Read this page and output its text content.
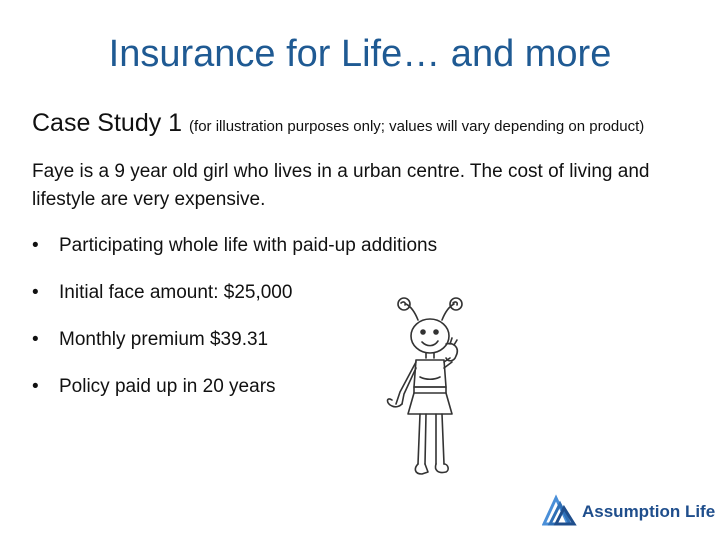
Insurance for Life… and more
Case Study 1 (for illustration purposes only; values will vary depending on product)
Faye is a 9 year old girl who lives in a urban centre. The cost of living and lifestyle are very expensive.
• Participating whole life with paid-up additions
• Initial face amount: $25,000
• Monthly premium $39.31
• Policy paid up in 20 years
Assumption Life
